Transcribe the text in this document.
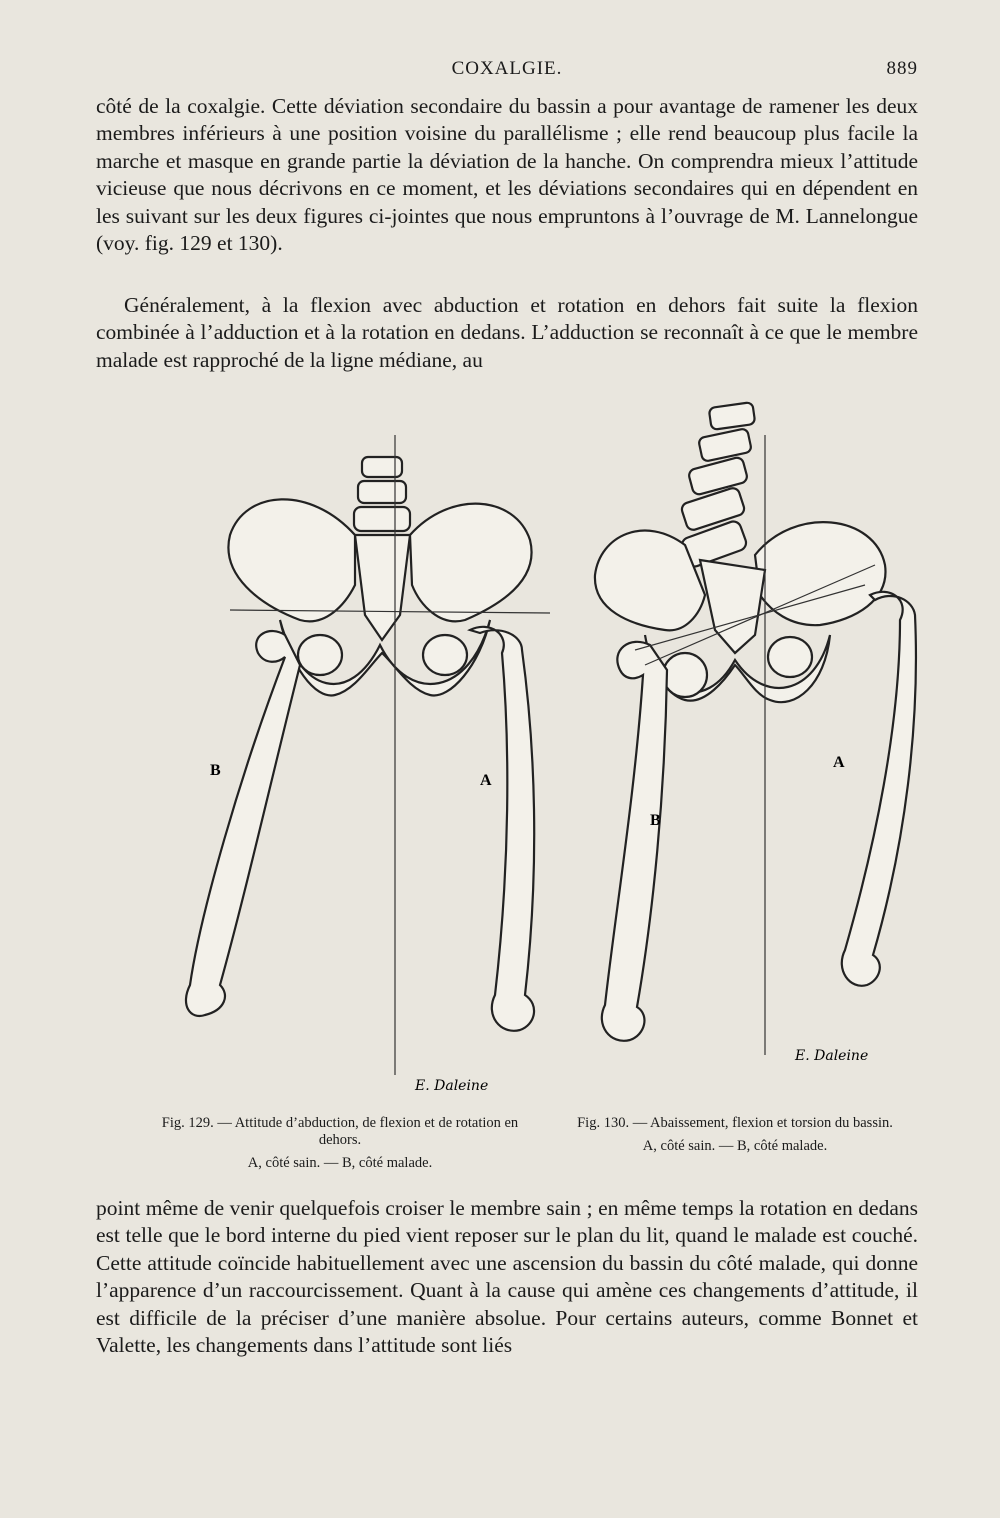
COXALGIE.	889

côté de la coxalgie. Cette déviation secondaire du bassin a pour avantage de ramener les deux membres inférieurs à une position voisine du parallélisme ; elle rend beaucoup plus facile la marche et masque en grande partie la déviation de la hanche. On comprendra mieux l’attitude vicieuse que nous décrivons en ce moment, et les déviations secondaires qui en dépendent en les suivant sur les deux figures ci-jointes que nous empruntons à l’ouvrage de M. Lannelongue (voy. fig. 129 et 130).

Généralement, à la flexion avec abduction et rotation en dehors fait suite la flexion combinée à l’adduction et à la rotation en dedans. L’adduction se reconnaît à ce que le membre malade est rapproché de la ligne médiane, au

B
A
E. Daleine
B
A
E. Daleine
Fig. 129. — Attitude d’abduction, de flexion et de rotation en dehors.
A, côté sain. — B, côté malade.
Fig. 130. — Abaissement, flexion et torsion du bassin.
A, côté sain. — B, côté malade.

point même de venir quelquefois croiser le membre sain ; en même temps la rotation en dedans est telle que le bord interne du pied vient reposer sur le plan du lit, quand le malade est couché. Cette attitude coïncide habituellement avec une ascension du bassin du côté malade, qui donne l’apparence d’un raccourcissement. Quant à la cause qui amène ces changements d’attitude, il est difficile de la préciser d’une manière absolue. Pour certains auteurs, comme Bonnet et Valette, les changements dans l’attitude sont liés
